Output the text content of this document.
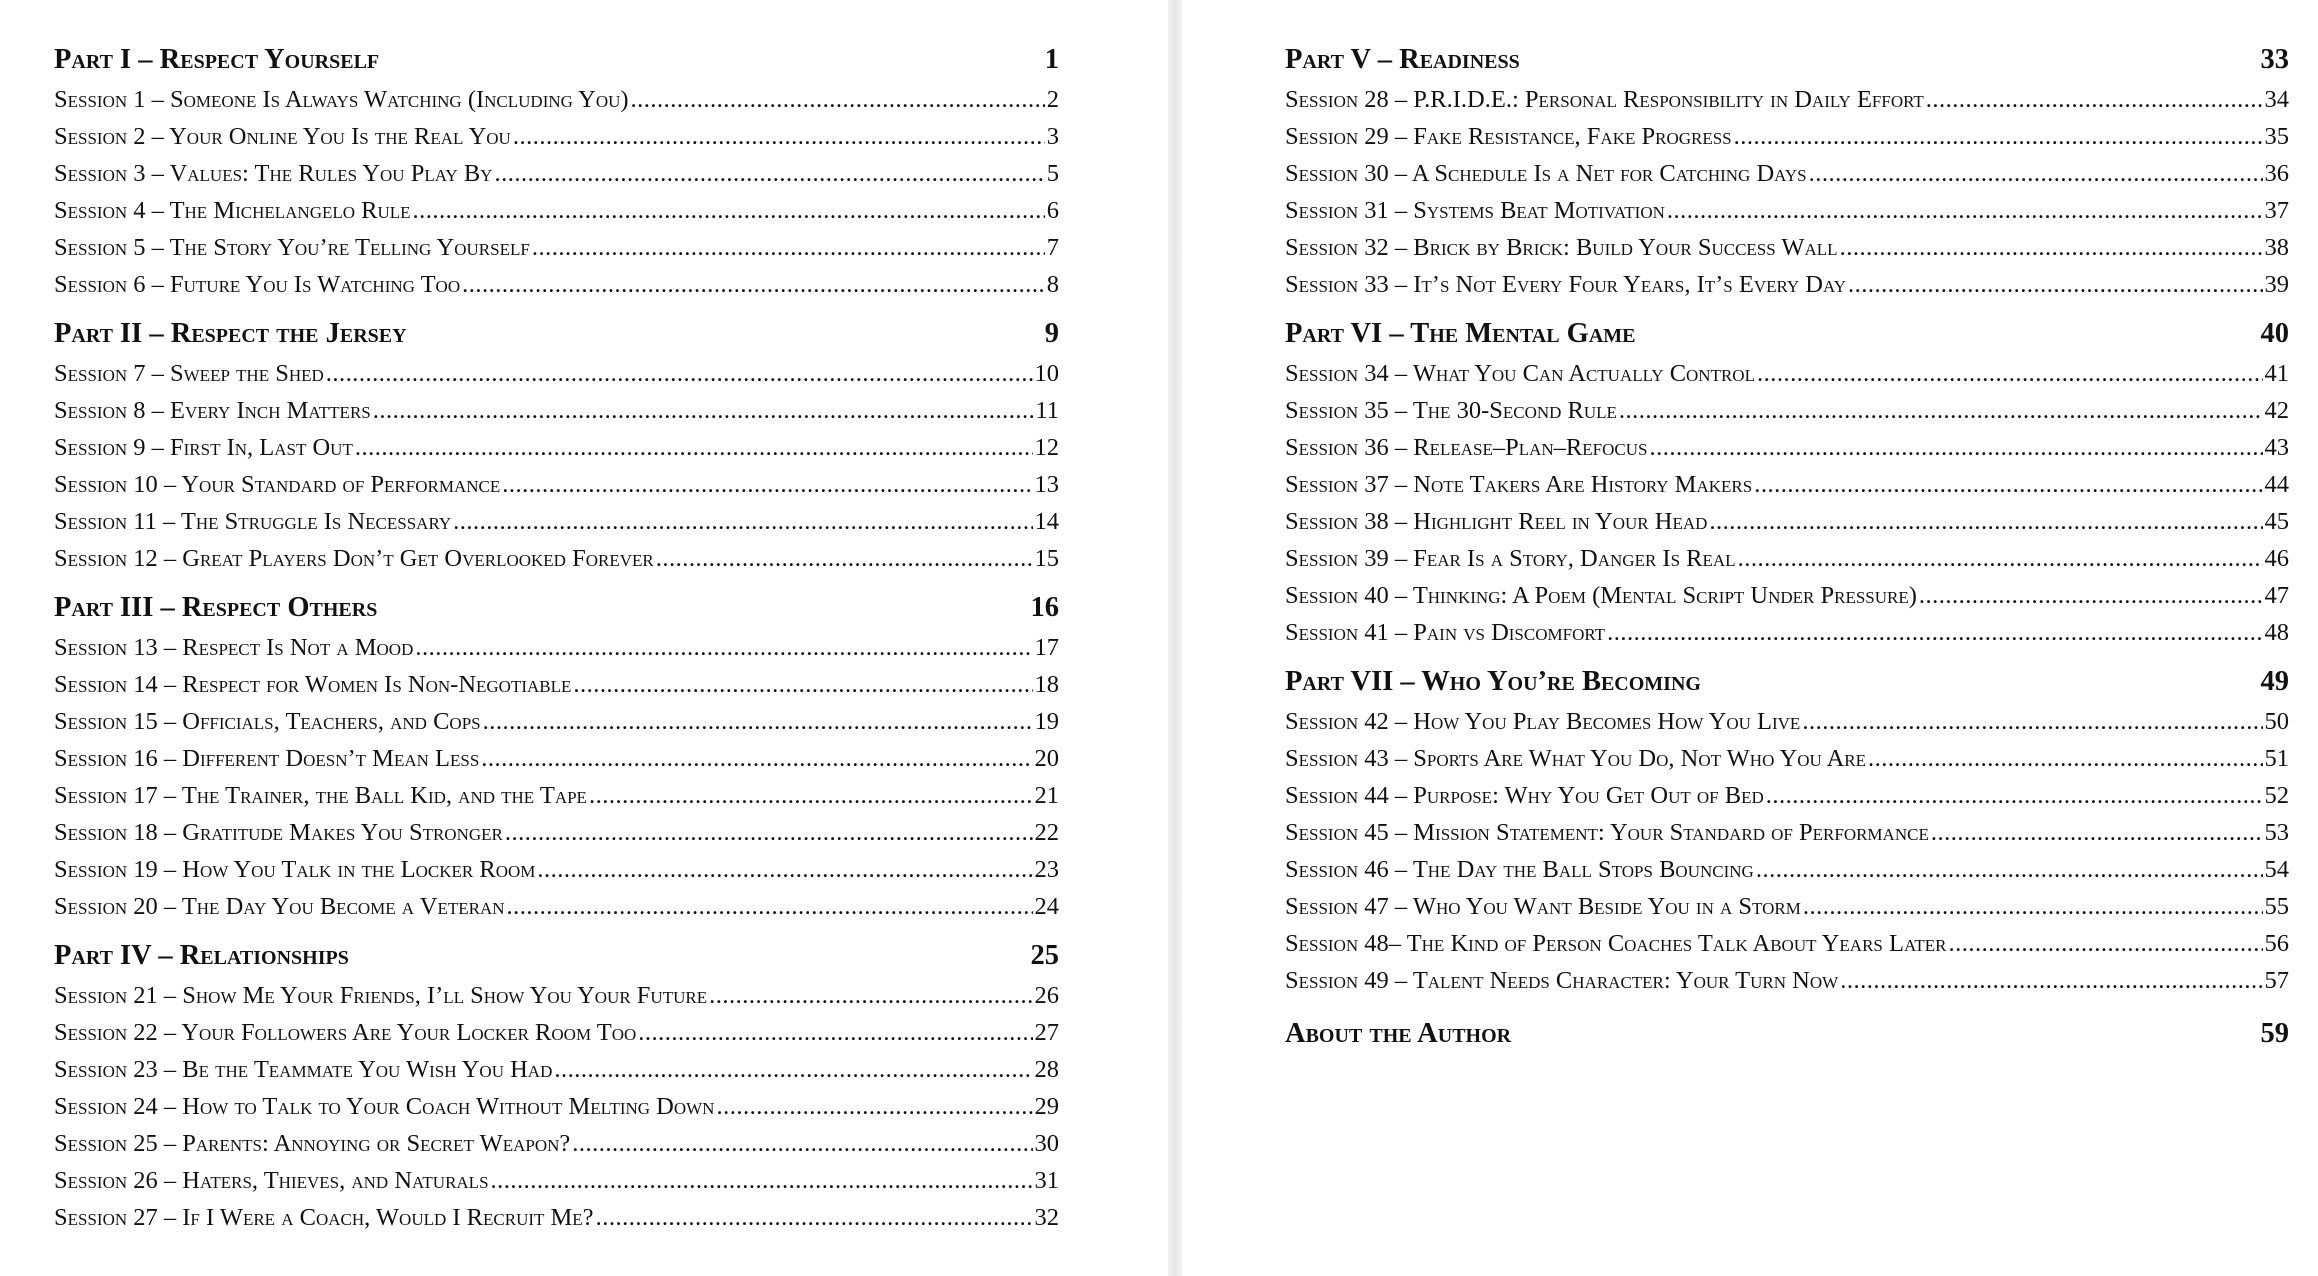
Part I – Respect Yourself	1
Session 1 – Someone Is Always Watching (Including You) .....	2
Session 2 – Your Online You Is the Real You .....	3
Session 3 – Values: The Rules You Play By .....	5
Session 4 – The Michelangelo Rule .....	6
Session 5 – The Story You’re Telling Yourself .....	7
Session 6 – Future You Is Watching Too .....	8
Part II – Respect the Jersey	9
Session 7 – Sweep the Shed .....	10
Session 8 – Every Inch Matters .....	11
Session 9 – First In, Last Out .....	12
Session 10 – Your Standard of Performance .....	13
Session 11 – The Struggle Is Necessary .....	14
Session 12 – Great Players Don’t Get Overlooked Forever .....	15
Part III – Respect Others	16
Session 13 – Respect Is Not a Mood .....	17
Session 14 – Respect for Women Is Non-Negotiable .....	18
Session 15 – Officials, Teachers, and Cops .....	19
Session 16 – Different Doesn’t Mean Less .....	20
Session 17 – The Trainer, the Ball Kid, and the Tape .....	21
Session 18 – Gratitude Makes You Stronger .....	22
Session 19 – How You Talk in the Locker Room .....	23
Session 20 – The Day You Become a Veteran .....	24
Part IV – Relationships	25
Session 21 – Show Me Your Friends, I’ll Show You Your Future .....	26
Session 22 – Your Followers Are Your Locker Room Too .....	27
Session 23 – Be the Teammate You Wish You Had .....	28
Session 24 – How to Talk to Your Coach Without Melting Down .....	29
Session 25 – Parents: Annoying or Secret Weapon? .....	30
Session 26 – Haters, Thieves, and Naturals .....	31
Session 27 – If I Were a Coach, Would I Recruit Me? .....	32
Part V – Readiness	33
Session 28 – P.R.I.D.E.: Personal Responsibility in Daily Effort .....	34
Session 29 – Fake Resistance, Fake Progress .....	35
Session 30 – A Schedule Is a Net for Catching Days .....	36
Session 31 – Systems Beat Motivation .....	37
Session 32 – Brick by Brick: Build Your Success Wall .....	38
Session 33 – It’s Not Every Four Years, It’s Every Day .....	39
Part VI – The Mental Game	40
Session 34 – What You Can Actually Control .....	41
Session 35 – The 30-Second Rule .....	42
Session 36 – Release–Plan–Refocus .....	43
Session 37 – Note Takers Are History Makers .....	44
Session 38 – Highlight Reel in Your Head .....	45
Session 39 – Fear Is a Story, Danger Is Real .....	46
Session 40 – Thinking: A Poem (Mental Script Under Pressure) .....	47
Session 41 – Pain vs Discomfort .....	48
Part VII – Who You’re Becoming	49
Session 42 – How You Play Becomes How You Live .....	50
Session 43 – Sports Are What You Do, Not Who You Are .....	51
Session 44 – Purpose: Why You Get Out of Bed .....	52
Session 45 – Mission Statement: Your Standard of Performance .....	53
Session 46 – The Day the Ball Stops Bouncing .....	54
Session 47 – Who You Want Beside You in a Storm .....	55
Session 48– The Kind of Person Coaches Talk About Years Later .....	56
Session 49 – Talent Needs Character: Your Turn Now .....	57
About the Author	59
